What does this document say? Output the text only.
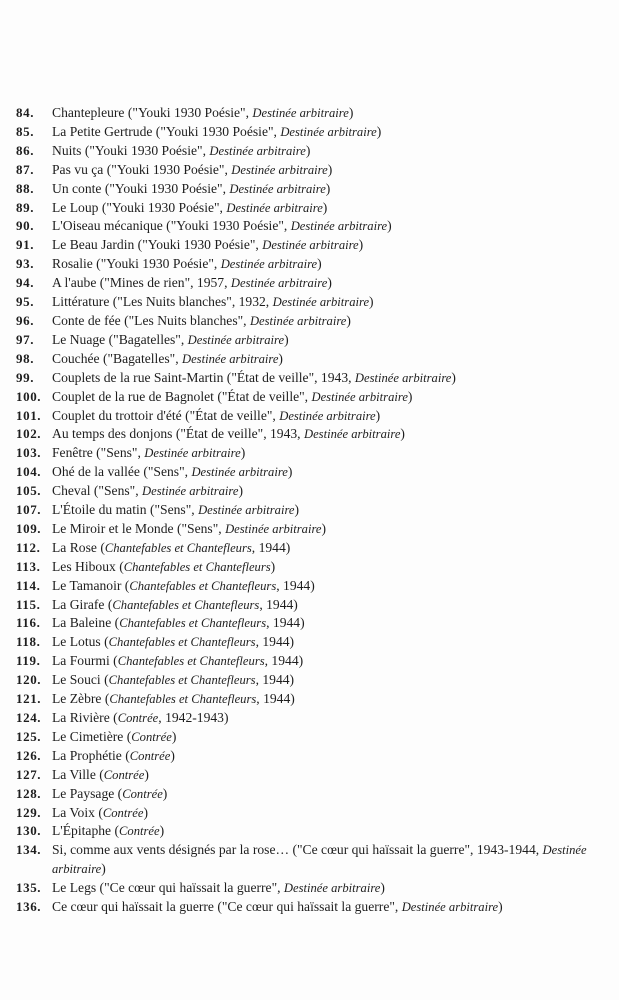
84.	Chantepleure ("Youki 1930 Poésie", Destinée arbitraire)
85.	La Petite Gertrude ("Youki 1930 Poésie", Destinée arbitraire)
86.	Nuits ("Youki 1930 Poésie", Destinée arbitraire)
87.	Pas vu ça ("Youki 1930 Poésie", Destinée arbitraire)
88.	Un conte ("Youki 1930 Poésie", Destinée arbitraire)
89.	Le Loup ("Youki 1930 Poésie", Destinée arbitraire)
90.	L'Oiseau mécanique ("Youki 1930 Poésie", Destinée arbitraire)
91.	Le Beau Jardin ("Youki 1930 Poésie", Destinée arbitraire)
93.	Rosalie ("Youki 1930 Poésie", Destinée arbitraire)
94.	A l'aube ("Mines de rien", 1957, Destinée arbitraire)
95.	Littérature ("Les Nuits blanches", 1932, Destinée arbitraire)
96.	Conte de fée ("Les Nuits blanches", Destinée arbitraire)
97.	Le Nuage ("Bagatelles", Destinée arbitraire)
98.	Couchée ("Bagatelles", Destinée arbitraire)
99.	Couplets de la rue Saint-Martin ("État de veille", 1943, Destinée arbitraire)
100. Couplet de la rue de Bagnolet ("État de veille", Destinée arbitraire)
101. Couplet du trottoir d'été ("État de veille", Destinée arbitraire)
102. Au temps des donjons ("État de veille", 1943, Destinée arbitraire)
103. Fenêtre ("Sens", Destinée arbitraire)
104. Ohé de la vallée ("Sens", Destinée arbitraire)
105. Cheval ("Sens", Destinée arbitraire)
107. L'Étoile du matin ("Sens", Destinée arbitraire)
109. Le Miroir et le Monde ("Sens", Destinée arbitraire)
112. La Rose (Chantefables et Chantefleurs, 1944)
113. Les Hiboux (Chantefables et Chantefleurs)
114. Le Tamanoir (Chantefables et Chantefleurs, 1944)
115. La Girafe (Chantefables et Chantefleurs, 1944)
116. La Baleine (Chantefables et Chantefleurs, 1944)
118. Le Lotus (Chantefables et Chantefleurs, 1944)
119. La Fourmi (Chantefables et Chantefleurs, 1944)
120. Le Souci (Chantefables et Chantefleurs, 1944)
121. Le Zèbre (Chantefables et Chantefleurs, 1944)
124. La Rivière (Contrée, 1942-1943)
125. Le Cimetière (Contrée)
126. La Prophétie (Contrée)
127. La Ville (Contrée)
128. Le Paysage (Contrée)
129. La Voix (Contrée)
130. L'Épitaphe (Contrée)
134. Si, comme aux vents désignés par la rose… ("Ce cœur qui haïssait la guerre", 1943-1944, Destinée arbitraire)
135. Le Legs ("Ce cœur qui haïssait la guerre", Destinée arbitraire)
136. Ce cœur qui haïssait la guerre ("Ce cœur qui haïssait la guerre", Destinée arbitraire)
